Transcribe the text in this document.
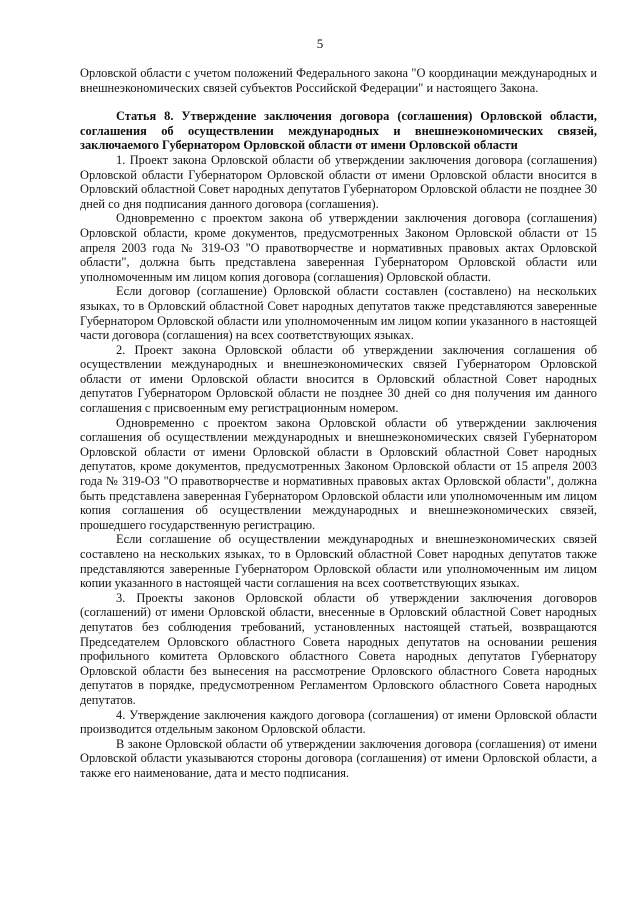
5

Орловской области с учетом положений Федерального закона "О координации международных и внешнеэкономических связей субъектов Российской Федерации" и настоящего Закона.

Статья 8. Утверждение заключения договора (соглашения) Орловской области, соглашения об осуществлении международных и внешнеэкономических связей, заключаемого Губернатором Орловской области от имени Орловской области

1. Проект закона Орловской области об утверждении заключения договора (соглашения) Орловской области Губернатором Орловской области от имени Орловской области вносится в Орловский областной Совет народных депутатов Губернатором Орловской области не позднее 30 дней со дня подписания данного договора (соглашения).

Одновременно с проектом закона об утверждении заключения договора (соглашения) Орловской области, кроме документов, предусмотренных Законом Орловской области от 15 апреля 2003 года № 319-ОЗ "О правотворчестве и нормативных правовых актах Орловской области", должна быть представлена заверенная Губернатором Орловской области или уполномоченным им лицом копия договора (соглашения) Орловской области.

Если договор (соглашение) Орловской области составлен (составлено) на нескольких языках, то в Орловский областной Совет народных депутатов также представляются заверенные Губернатором Орловской области или уполномоченным им лицом копии указанного в настоящей части договора (соглашения) на всех соответствующих языках.

2. Проект закона Орловской области об утверждении заключения соглашения об осуществлении международных и внешнеэкономических связей Губернатором Орловской области от имени Орловской области вносится в Орловский областной Совет народных депутатов Губернатором Орловской области не позднее 30 дней со дня получения им данного соглашения с присвоенным ему регистрационным номером.

Одновременно с проектом закона Орловской области об утверждении заключения соглашения об осуществлении международных и внешнеэкономических связей Губернатором Орловской области от имени Орловской области в Орловский областной Совет народных депутатов, кроме документов, предусмотренных Законом Орловской области от 15 апреля 2003 года № 319-ОЗ "О правотворчестве и нормативных правовых актах Орловской области", должна быть представлена заверенная Губернатором Орловской области или уполномоченным им лицом копия соглашения об осуществлении международных и внешнеэкономических связей, прошедшего государственную регистрацию.

Если соглашение об осуществлении международных и внешнеэкономических связей составлено на нескольких языках, то в Орловский областной Совет народных депутатов также представляются заверенные Губернатором Орловской области или уполномоченным им лицом копии указанного в настоящей части соглашения на всех соответствующих языках.

3. Проекты законов Орловской области об утверждении заключения договоров (соглашений) от имени Орловской области, внесенные в Орловский областной Совет народных депутатов без соблюдения требований, установленных настоящей статьей, возвращаются Председателем Орловского областного Совета народных депутатов на основании решения профильного комитета Орловского областного Совета народных депутатов Губернатору Орловской области без вынесения на рассмотрение Орловского областного Совета народных депутатов в порядке, предусмотренном Регламентом Орловского областного Совета народных депутатов.

4. Утверждение заключения каждого договора (соглашения) от имени Орловской области производится отдельным законом Орловской области.

В законе Орловской области об утверждении заключения договора (соглашения) от имени Орловской области указываются стороны договора (соглашения) от имени Орловской области, а также его наименование, дата и место подписания.
